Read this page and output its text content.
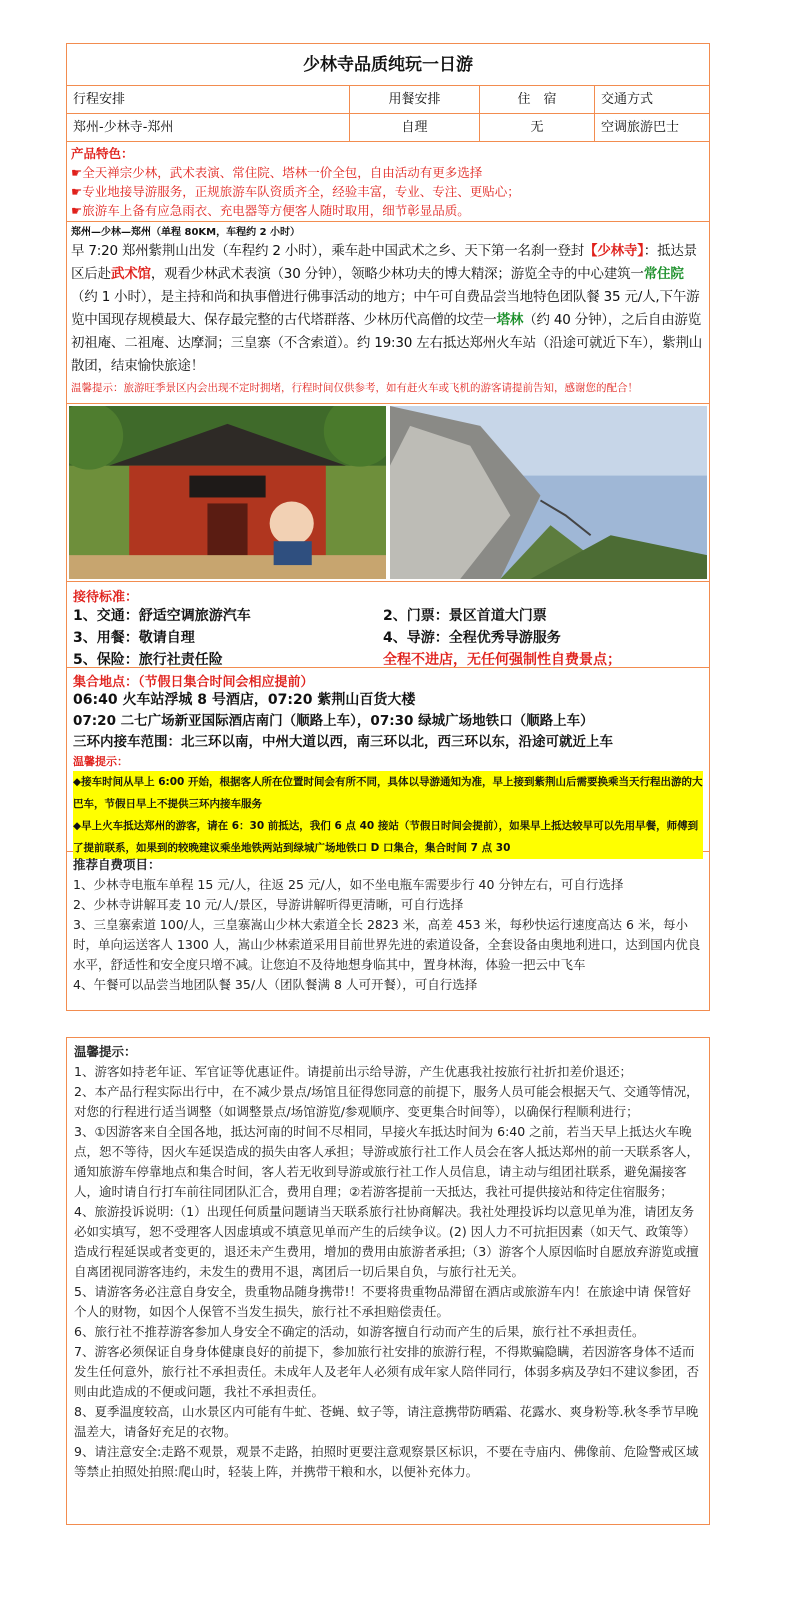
少林寺品质纯玩一日游
行程安排	用餐安排	住　宿	交通方式
郑州-少林寺-郑州	自理	无	空调旅游巴士

产品特色：

☛全天禅宗少林，武术表演、常住院、塔林一价全包，自由活动有更多选择

☛专业地接导游服务，正规旅游车队资质齐全，经验丰富，专业、专注、更贴心；

☛旅游车上备有应急雨衣、充电器等方便客人随时取用，细节彰显品质。

郑州—少林—郑州（单程 80KM，车程约 2 小时）
早 7:20 郑州紫荆山出发（车程约 2 小时），乘车赴中国武术之乡、天下第一名刹一登封【少林寺】：抵达景区后赴武术馆，观看少林武术表演（30 分钟），领略少林功夫的博大精深；游览全寺的中心建筑一常住院（约 1 小时），是主持和尚和执事僧进行佛事活动的地方；中午可自费品尝当地特色团队餐 35 元/人,下午游览中国现存规模最大、保存最完整的古代塔群落、少林历代高僧的坟茔一塔林（约 40 分钟），之后自由游览初祖庵、二祖庵、达摩洞；三皇寨（不含索道）。约 19:30 左右抵达郑州火车站（沿途可就近下车），紫荆山散团，结束愉快旅途！
温馨提示：旅游旺季景区内会出现不定时拥堵，行程时间仅供参考，如有赶火车或飞机的游客请提前告知，感谢您的配合！

接待标准：

1、交通：舒适空调旅游汽车	2、门票：景区首道大门票
3、用餐：敬请自理	4、导游：全程优秀导游服务
5、保险：旅行社责任险	全程不进店，无任何强制性自费景点；

集合地点：（节假日集合时间会相应提前）

06:40 火车站浮城 8 号酒店，07:20 紫荆山百货大楼

07:20 二七广场新亚国际酒店南门（顺路上车），07:30 绿城广场地铁口（顺路上车）

三环内接车范围：北三环以南，中州大道以西，南三环以北，西三环以东，沿途可就近上车

温馨提示：

◆接车时间从早上 6:00 开始，根据客人所在位置时间会有所不同，具体以导游通知为准，早上接到紫荆山后需要换乘当天行程出游的大巴车，节假日早上不提供三环内接车服务

◆早上火车抵达郑州的游客，请在 6：30 前抵达，我们 6 点 40 接站（节假日时间会提前），如果早上抵达较早可以先用早餐，师傅到了提前联系，如果到的较晚建议乘坐地铁两站到绿城广场地铁口 D 口集合，集合时间 7 点 30

推荐自费项目：

1、少林寺电瓶车单程 15 元/人，往返 25 元/人，如不坐电瓶车需要步行 40 分钟左右，可自行选择

2、少林寺讲解耳麦 10 元/人/景区，导游讲解听得更清晰，可自行选择

3、三皇寨索道 100/人，三皇寨嵩山少林大索道全长 2823 米，高差 453 米，每秒快运行速度高达 6 米，每小时，单向运送客人 1300 人，嵩山少林索道采用目前世界先进的索道设备，全套设备由奥地利进口，达到国内优良水平，舒适性和安全度只增不减。让您迫不及待地想身临其中，置身林海，体验一把云中飞车

4、午餐可以品尝当地团队餐 35/人（团队餐满 8 人可开餐），可自行选择

温馨提示：

1、游客如持老年证、军官证等优惠证件。请提前出示给导游，产生优惠我社按旅行社折扣差价退还；

2、本产品行程实际出行中，在不减少景点/场馆且征得您同意的前提下，服务人员可能会根据天气、交通等情况，对您的行程进行适当调整（如调整景点/场馆游览/参观顺序、变更集合时间等），以确保行程顺利进行；

3、①因游客来自全国各地，抵达河南的时间不尽相同，早接火车抵达时间为 6:40 之前，若当天早上抵达火车晚点，恕不等待，因火车延误造成的损失由客人承担；导游或旅行社工作人员会在客人抵达郑州的前一天联系客人，通知旅游车停靠地点和集合时间，客人若无收到导游或旅行社工作人员信息，请主动与组团社联系，避免漏接客人，逾时请自行打车前往同团队汇合，费用自理；②若游客提前一天抵达，我社可提供接站和待定住宿服务；

4、旅游投诉说明:（1）出现任何质量问题请当天联系旅行社协商解决。我社处理投诉均以意见单为准，请团友务必如实填写，恕不受理客人因虚填或不填意见单而产生的后续争议。(2) 因人力不可抗拒因素（如天气、政策等）造成行程延误或者变更的，退还未产生费用，增加的费用由旅游者承担;（3）游客个人原因临时自愿放弃游览或擅自离团视同游客违约，未发生的费用不退，离团后一切后果自负，与旅行社无关。

5、请游客务必注意自身安全，贵重物品随身携带!！不要将贵重物品滞留在酒店或旅游车内！在旅途中请 保管好个人的财物，如因个人保管不当发生损失，旅行社不承担赔偿责任。

6、旅行社不推荐游客参加人身安全不确定的活动，如游客擅自行动而产生的后果，旅行社不承担责任。

7、游客必须保证自身身体健康良好的前提下，参加旅行社安排的旅游行程，不得欺骗隐瞒，若因游客身体不适而发生任何意外，旅行社不承担责任。未成年人及老年人必须有成年家人陪伴同行，体弱多病及孕妇不建议参团，否则由此造成的不便或问题，我社不承担责任。

8、夏季温度较高，山水景区内可能有牛虻、苍蝇、蚊子等，请注意携带防晒霜、花露水、爽身粉等.秋冬季节早晚温差大，请备好充足的衣物。

9、请注意安全:走路不观景，观景不走路，拍照时更要注意观察景区标识，不要在寺庙内、佛像前、危险警戒区域等禁止拍照处拍照:爬山时，轻装上阵，并携带干粮和水，以便补充体力。
